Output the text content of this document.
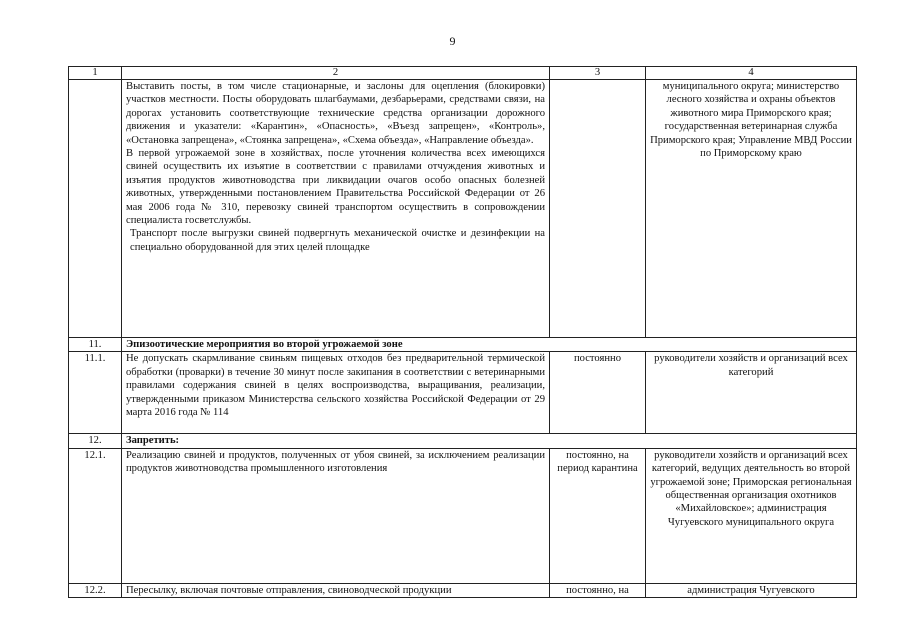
9
1	2	3	4

	Выставить посты, в том числе стационарные, и заслоны для оцепления (блокировки) участков местности. Посты оборудовать шлагбаумами, дезбарьерами, средствами связи, на дорогах установить соответствующие технические средства организации дорожного движения и указатели: «Карантин», «Опасность», «Въезд запрещен», «Контроль», «Остановка запрещена», «Стоянка запрещена», «Схема объезда», «Направление объезда».
В первой угрожаемой зоне в хозяйствах, после уточнения количества всех имеющихся свиней осуществить их изъятие в соответствии с правилами отчуждения животных и изъятия продуктов животноводства при ликвидации очагов особо опасных болезней животных, утвержденными постановлением Правительства Российской Федерации от 26 мая 2006 года № 310, перевозку свиней транспортом осуществить в сопровождении специалиста госветслужбы.
Транспорт после выгрузки свиней подвергнуть механической очистке и дезинфекции на специально оборудованной для этих целей площадке		муниципального округа; министерство лесного хозяйства и охраны объектов животного мира Приморского края; государственная ветеринарная служба Приморского края; Управление МВД России по Приморскому краю
11.	Эпизоотические мероприятия во второй угрожаемой зоне		
11.1.	Не допускать скармливание свиньям пищевых отходов без предварительной термической обработки (проварки) в течение 30 минут после закипания в соответствии с ветеринарными правилами содержания свиней в целях воспроизводства, выращивания, реализации, утвержденными приказом Министерства сельского хозяйства Российской Федерации от 29 марта 2016 года № 114	постоянно	руководители хозяйств и организаций всех категорий
12.	Запретить:		
12.1.	Реализацию свиней и продуктов, полученных от убоя свиней, за исключением реализации продуктов животноводства промышленного изготовления	постоянно, на период карантина	руководители хозяйств и организаций всех категорий, ведущих деятельность во второй угрожаемой зоне; Приморская региональная общественная организация охотников «Михайловское»; администрация Чугуевского муниципального округа
12.2.	Пересылку, включая почтовые отправления, свиноводческой продукции	постоянно, на	администрация Чугуевского
